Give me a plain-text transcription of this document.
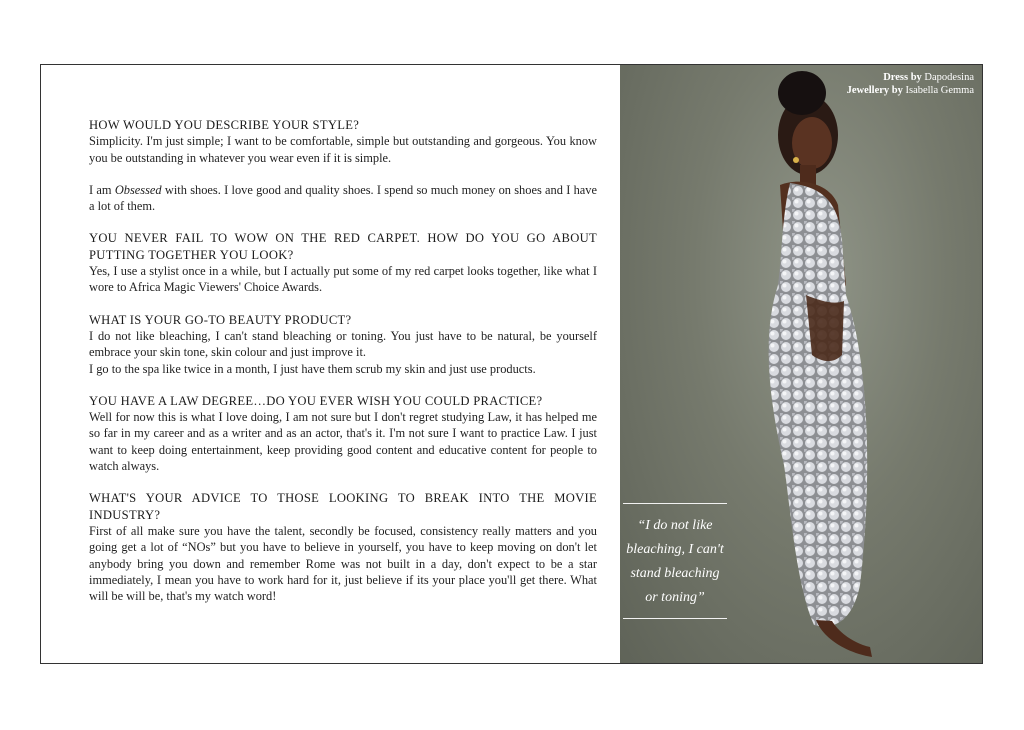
HOW WOULD YOU DESCRIBE YOUR STYLE?

Simplicity. I'm just simple; I want to be comfortable, simple but outstanding and gorgeous. You know you be outstanding in whatever you wear even if it is simple.

I am Obsessed with shoes. I love good and quality shoes. I spend so much money on shoes and I have a lot of them.

YOU NEVER FAIL TO WOW ON THE RED CARPET. HOW DO YOU GO ABOUT PUTTING TOGETHER YOU LOOK?

Yes, I use a stylist once in a while, but I actually put some of my red carpet looks together, like what I wore to Africa Magic Viewers' Choice Awards.

WHAT IS YOUR GO-TO BEAUTY PRODUCT?

I do not like bleaching, I can't stand bleaching or toning. You just have to be natural, be yourself embrace your skin tone, skin colour and just improve it.

I go to the spa like twice in a month, I just have them scrub my skin and just use products.

YOU HAVE A LAW DEGREE…DO YOU EVER WISH YOU COULD PRACTICE?

Well for now this is what I love doing, I am not sure but I don't regret studying Law, it has helped me so far in my career and as a writer and as an actor, that's it. I'm not sure I want to practice Law. I just want to keep doing entertainment, keep providing good content and educative content for people to watch always.

WHAT'S YOUR ADVICE TO THOSE LOOKING TO BREAK INTO THE MOVIE INDUSTRY?

First of all make sure you have the talent, secondly be focused, consistency really matters and you going get a lot of “NOs” but you have to believe in yourself, you have to keep moving on don't let anybody bring you down and remember Rome was not built in a day, don't expect to be a star immediately, I mean you have to work hard for it, just believe if its your place you'll get there. What will be will be, that's my watch word!

Dress by Dapodesina
Jewellery by Isabella Gemma
“I do not like bleaching, I can't stand bleaching or toning”
